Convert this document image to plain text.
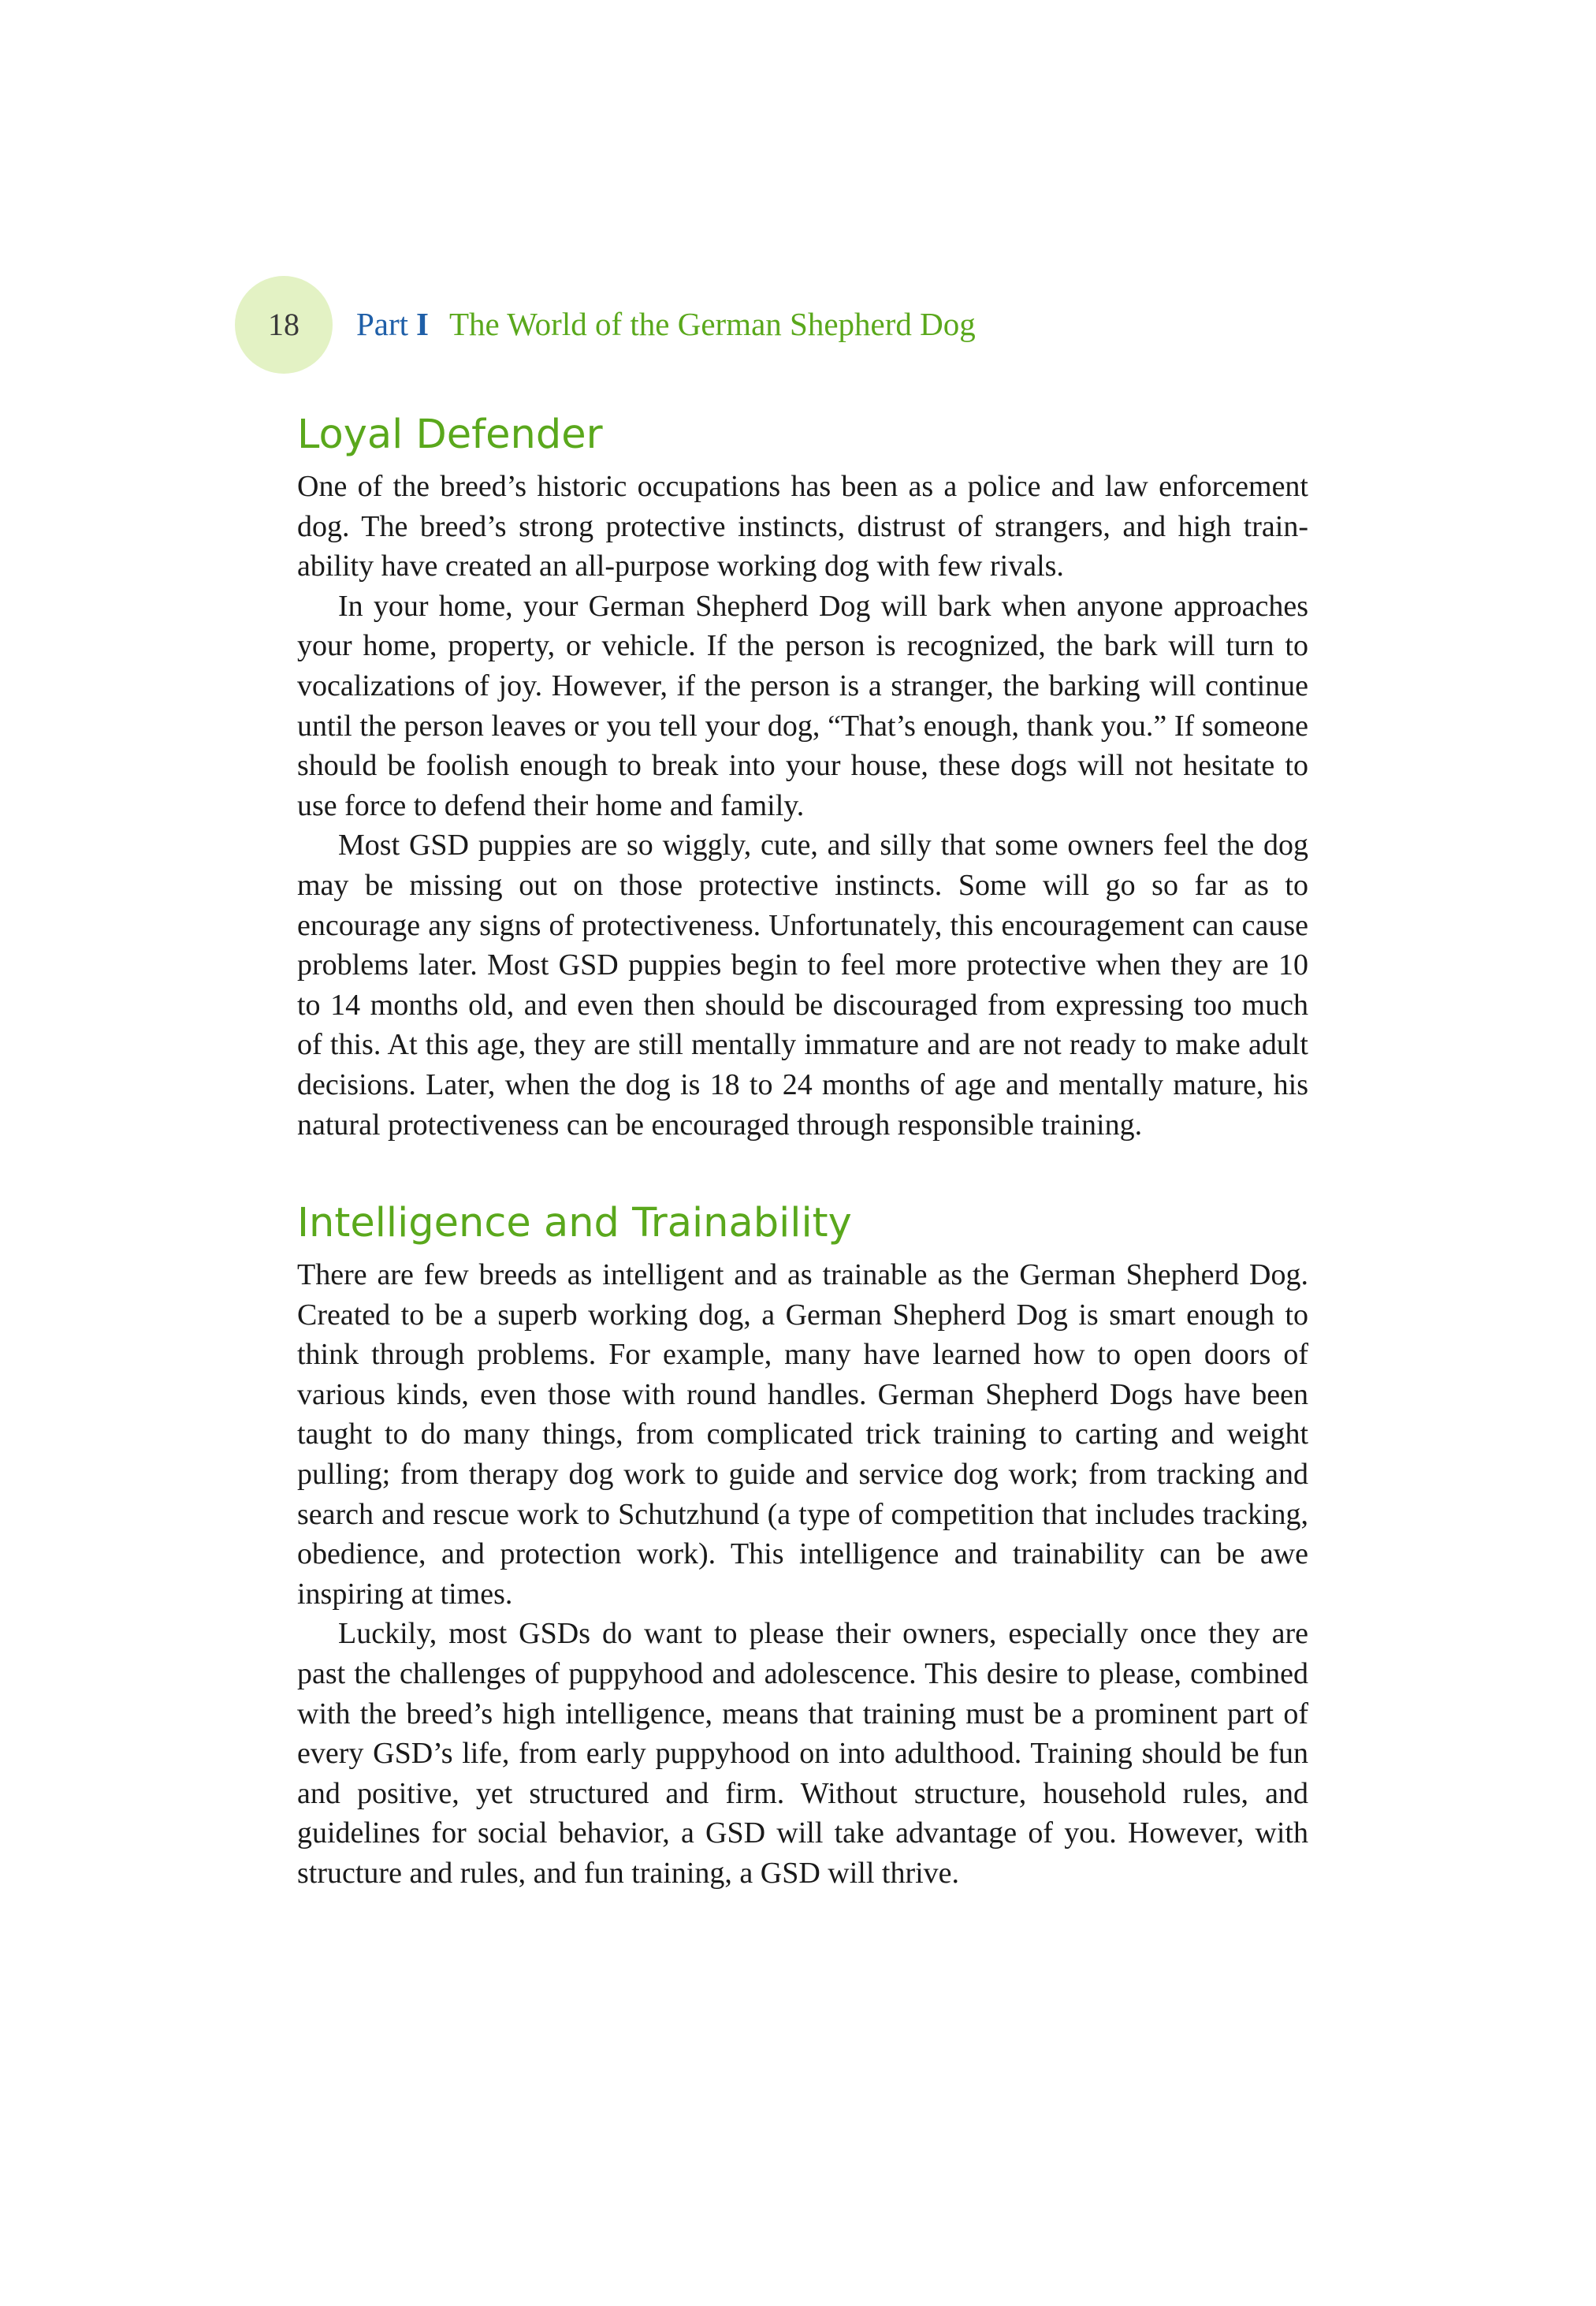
18	Part I The World of the German Shepherd Dog
Loyal Defender

One of the breed’s historic occupations has been as a police and law enforcement dog. The breed’s strong protective instincts, distrust of strangers, and high trainability have created an all-purpose working dog with few rivals.

In your home, your German Shepherd Dog will bark when anyone approaches your home, property, or vehicle. If the person is recognized, the bark will turn to vocalizations of joy. However, if the person is a stranger, the barking will continue until the person leaves or you tell your dog, “That’s enough, thank you.” If someone should be foolish enough to break into your house, these dogs will not hesitate to use force to defend their home and family.

Most GSD puppies are so wiggly, cute, and silly that some owners feel the dog may be missing out on those protective instincts. Some will go so far as to encourage any signs of protectiveness. Unfortunately, this encouragement can cause problems later. Most GSD puppies begin to feel more protective when they are 10 to 14 months old, and even then should be discouraged from expressing too much of this. At this age, they are still mentally immature and are not ready to make adult decisions. Later, when the dog is 18 to 24 months of age and mentally mature, his natural protectiveness can be encouraged through responsible training.

Intelligence and Trainability

There are few breeds as intelligent and as trainable as the German Shepherd Dog. Created to be a superb working dog, a German Shepherd Dog is smart enough to think through problems. For example, many have learned how to open doors of various kinds, even those with round handles. German Shepherd Dogs have been taught to do many things, from complicated trick training to carting and weight pulling; from therapy dog work to guide and service dog work; from tracking and search and rescue work to Schutzhund (a type of competition that includes tracking, obedience, and protection work). This intelligence and trainability can be awe inspiring at times.

Luckily, most GSDs do want to please their owners, especially once they are past the challenges of puppyhood and adolescence. This desire to please, combined with the breed’s high intelligence, means that training must be a prominent part of every GSD’s life, from early puppyhood on into adulthood. Training should be fun and positive, yet structured and firm. Without structure, household rules, and guidelines for social behavior, a GSD will take advantage of you. However, with structure and rules, and fun training, a GSD will thrive.
